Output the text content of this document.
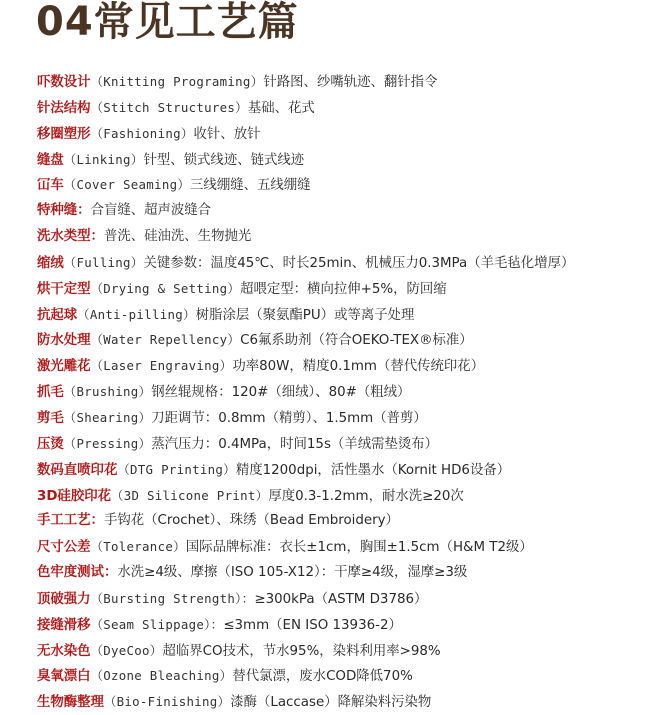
04常见工艺篇
吓数设计（Knitting Programing）针路图、纱嘴轨迹、翻针指令
针法结构（Stitch Structures）基础、花式
移圈塑形（Fashioning）收针、放针
缝盘（Linking）针型、锁式线迹、链式线迹
冚车（Cover Seaming）三线绷缝、五线绷缝
特种缝：合盲缝、超声波缝合
洗水类型：普洗、硅油洗、生物抛光
缩绒（Fulling）关键参数：温度45℃、时长25min、机械压力0.3MPa（羊毛毡化增厚）
烘干定型（Drying & Setting）超喂定型：横向拉伸+5%，防回缩
抗起球（Anti-pilling）树脂涂层（聚氨酯PU）或等离子处理
防水处理（Water Repellency）C6氟系助剂（符合OEKO-TEX®标准）
激光雕花（Laser Engraving）功率80W，精度0.1mm（替代传统印花）
抓毛（Brushing）钢丝辊规格：120#（细绒）、80#（粗绒）
剪毛（Shearing）刀距调节：0.8mm（精剪）、1.5mm（普剪）
压烫（Pressing）蒸汽压力：0.4MPa，时间15s（羊绒需垫烫布）
数码直喷印花（DTG Printing）精度1200dpi，活性墨水（Kornit HD6设备）
3D硅胶印花（3D Silicone Print）厚度0.3-1.2mm，耐水洗≥20次
手工工艺：手钩花（Crochet）、珠绣（Bead Embroidery）
尺寸公差（Tolerance）国际品牌标准：衣长±1cm，胸围±1.5cm（H&M T2级）
色牢度测试：水洗≥4级、摩擦（ISO 105-X12）：干摩≥4级，湿摩≥3级
顶破强力（Bursting Strength）：≥300kPa（ASTM D3786）
接缝滑移（Seam Slippage）：≤3mm（EN ISO 13936-2）
无水染色（DyeCoo）超临界CO技术，节水95%，染料利用率>98%
臭氧漂白（Ozone Bleaching）替代氯漂，废水COD降低70%
生物酶整理（Bio-Finishing）漆酶（Laccase）降解染料污染物
